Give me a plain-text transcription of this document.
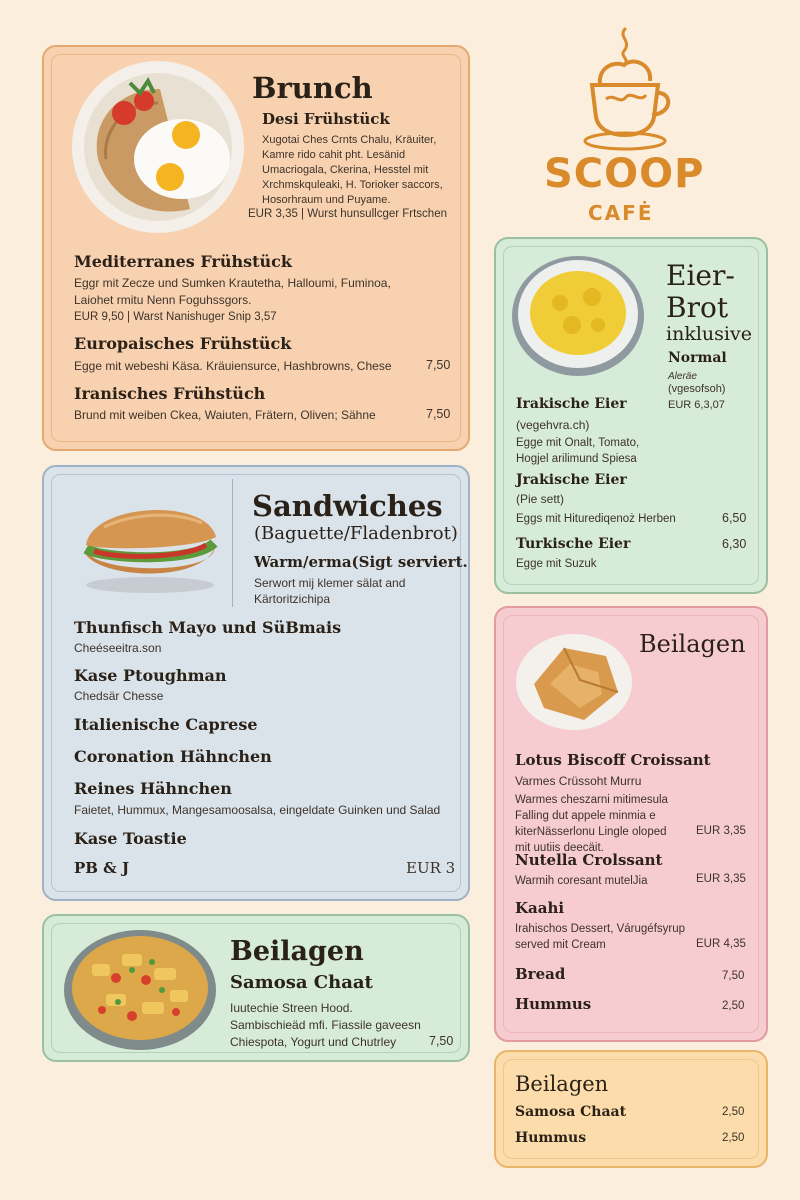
SCOOP
CAFĖ
Brunch
Desi Frühstück
Xugotai Ches Crnts Chalu, Kräuiter, Kamre rido cahit pht. Lesänid Umacriogala, Ckerina, Hesstel mit Xrchmskquleaki, H. Torioker saccors, Hosorhraum und Puyame.
EUR 3,35 | Wurst hunsullcger Frtschen
Mediterranes Frühstück
Eggr mit Zecze und Sumken Krautetha, Halloumi, Fuminoa, Laiohet rmitu Nenn Foguhssgors.
EUR 9,50 | Warst Nanishuger Snip 3,57
Europaisches Frühstück
Egge mit webeshi Käsa. Kräuiensurce, Hashbrowns, Chese	7,50
Iranisches Frühstüch
Brund mit weiben Ckea, Waiuten, Frätern, Oliven; Sähne	7,50
Sandwiches
(Baguette/Fladenbrot)
Warm/erma(Sigt serviert.
Serwort mij klemer sälat and Kärtoritzichipa
Thunfisch Mayo und SüBmais
Cheéseeitra.son
Kase Ptoughman
Chedsär Chesse
Italienische Caprese
Coronation Hähnchen
Reines Hähnchen
Faietet, Hummux, Mangesamoosalsa, eingeldate Guinken und Salad
Kase Toastie
PB & J	EUR 3
Beilagen
Samosa Chaat
Iuutechie Streen Hood. Sambischieäd mfi. Fiassile gaveesn Chiespota, Yogurt und Chutrley	7,50
Eier-
Brot
inklusive
Normal
Aleräe
(vgesofsoh)
EUR 6,3,07
Irakische Eier
(vegehvra.ch)
Egge mit Onalt, Tomato, Hogjel arilimund Spiesa
Jrakische Eier
(Pie sett)
Eggs mit Hiturediqenoż Herben	6,50
Turkische Eier	6,30
Egge mit Suzuk
Beilagen
Lotus Biscoff Croissant
Varmes Crüssoht Murru
Warmes cheszarni mitimesula Falling dut appele minmia e kiterNässerlonu Lingle oloped mit uutiis deecäit.
EUR 3,35
Nutella Crolssant
Warmih coresant mutelJia	EUR 3,35
Kaahi
Irahischos Dessert, Várugéfsyrup served mit Cream	EUR 4,35
Bread	7,50
Hummus	2,50
Beilagen
Samosa Chaat	2,50
Hummus	2,50
